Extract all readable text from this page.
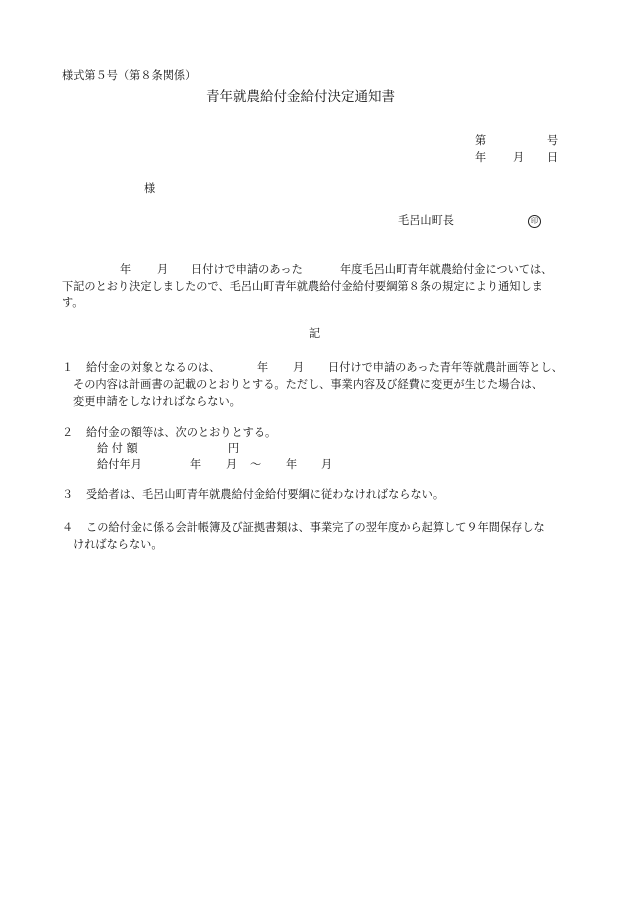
様式第５号（第８条関係）
青年就農給付金給付決定通知書
第	号
年 月 日
様
毛呂山町長	印
年 月 日付けで申請のあった	年度毛呂山町青年就農給付金については、
下記のとおり決定しましたので、毛呂山町青年就農給付金給付要綱第８条の規定により通知しま
す。
記
１ 給付金の対象となるのは、	年 月 日付けで申請のあった青年等就農計画等とし、
その内容は計画書の記載のとおりとする。ただし、事業内容及び経費に変更が生じた場合は、
変更申請をしなければならない。
２ 給付金の額等は、次のとおりとする。
給 付 額	円
給付年月	年 月 ～ 年 月
３ 受給者は、毛呂山町青年就農給付金給付要綱に従わなければならない。
４ この給付金に係る会計帳簿及び証拠書類は、事業完了の翌年度から起算して９年間保存しな
ければならない。
